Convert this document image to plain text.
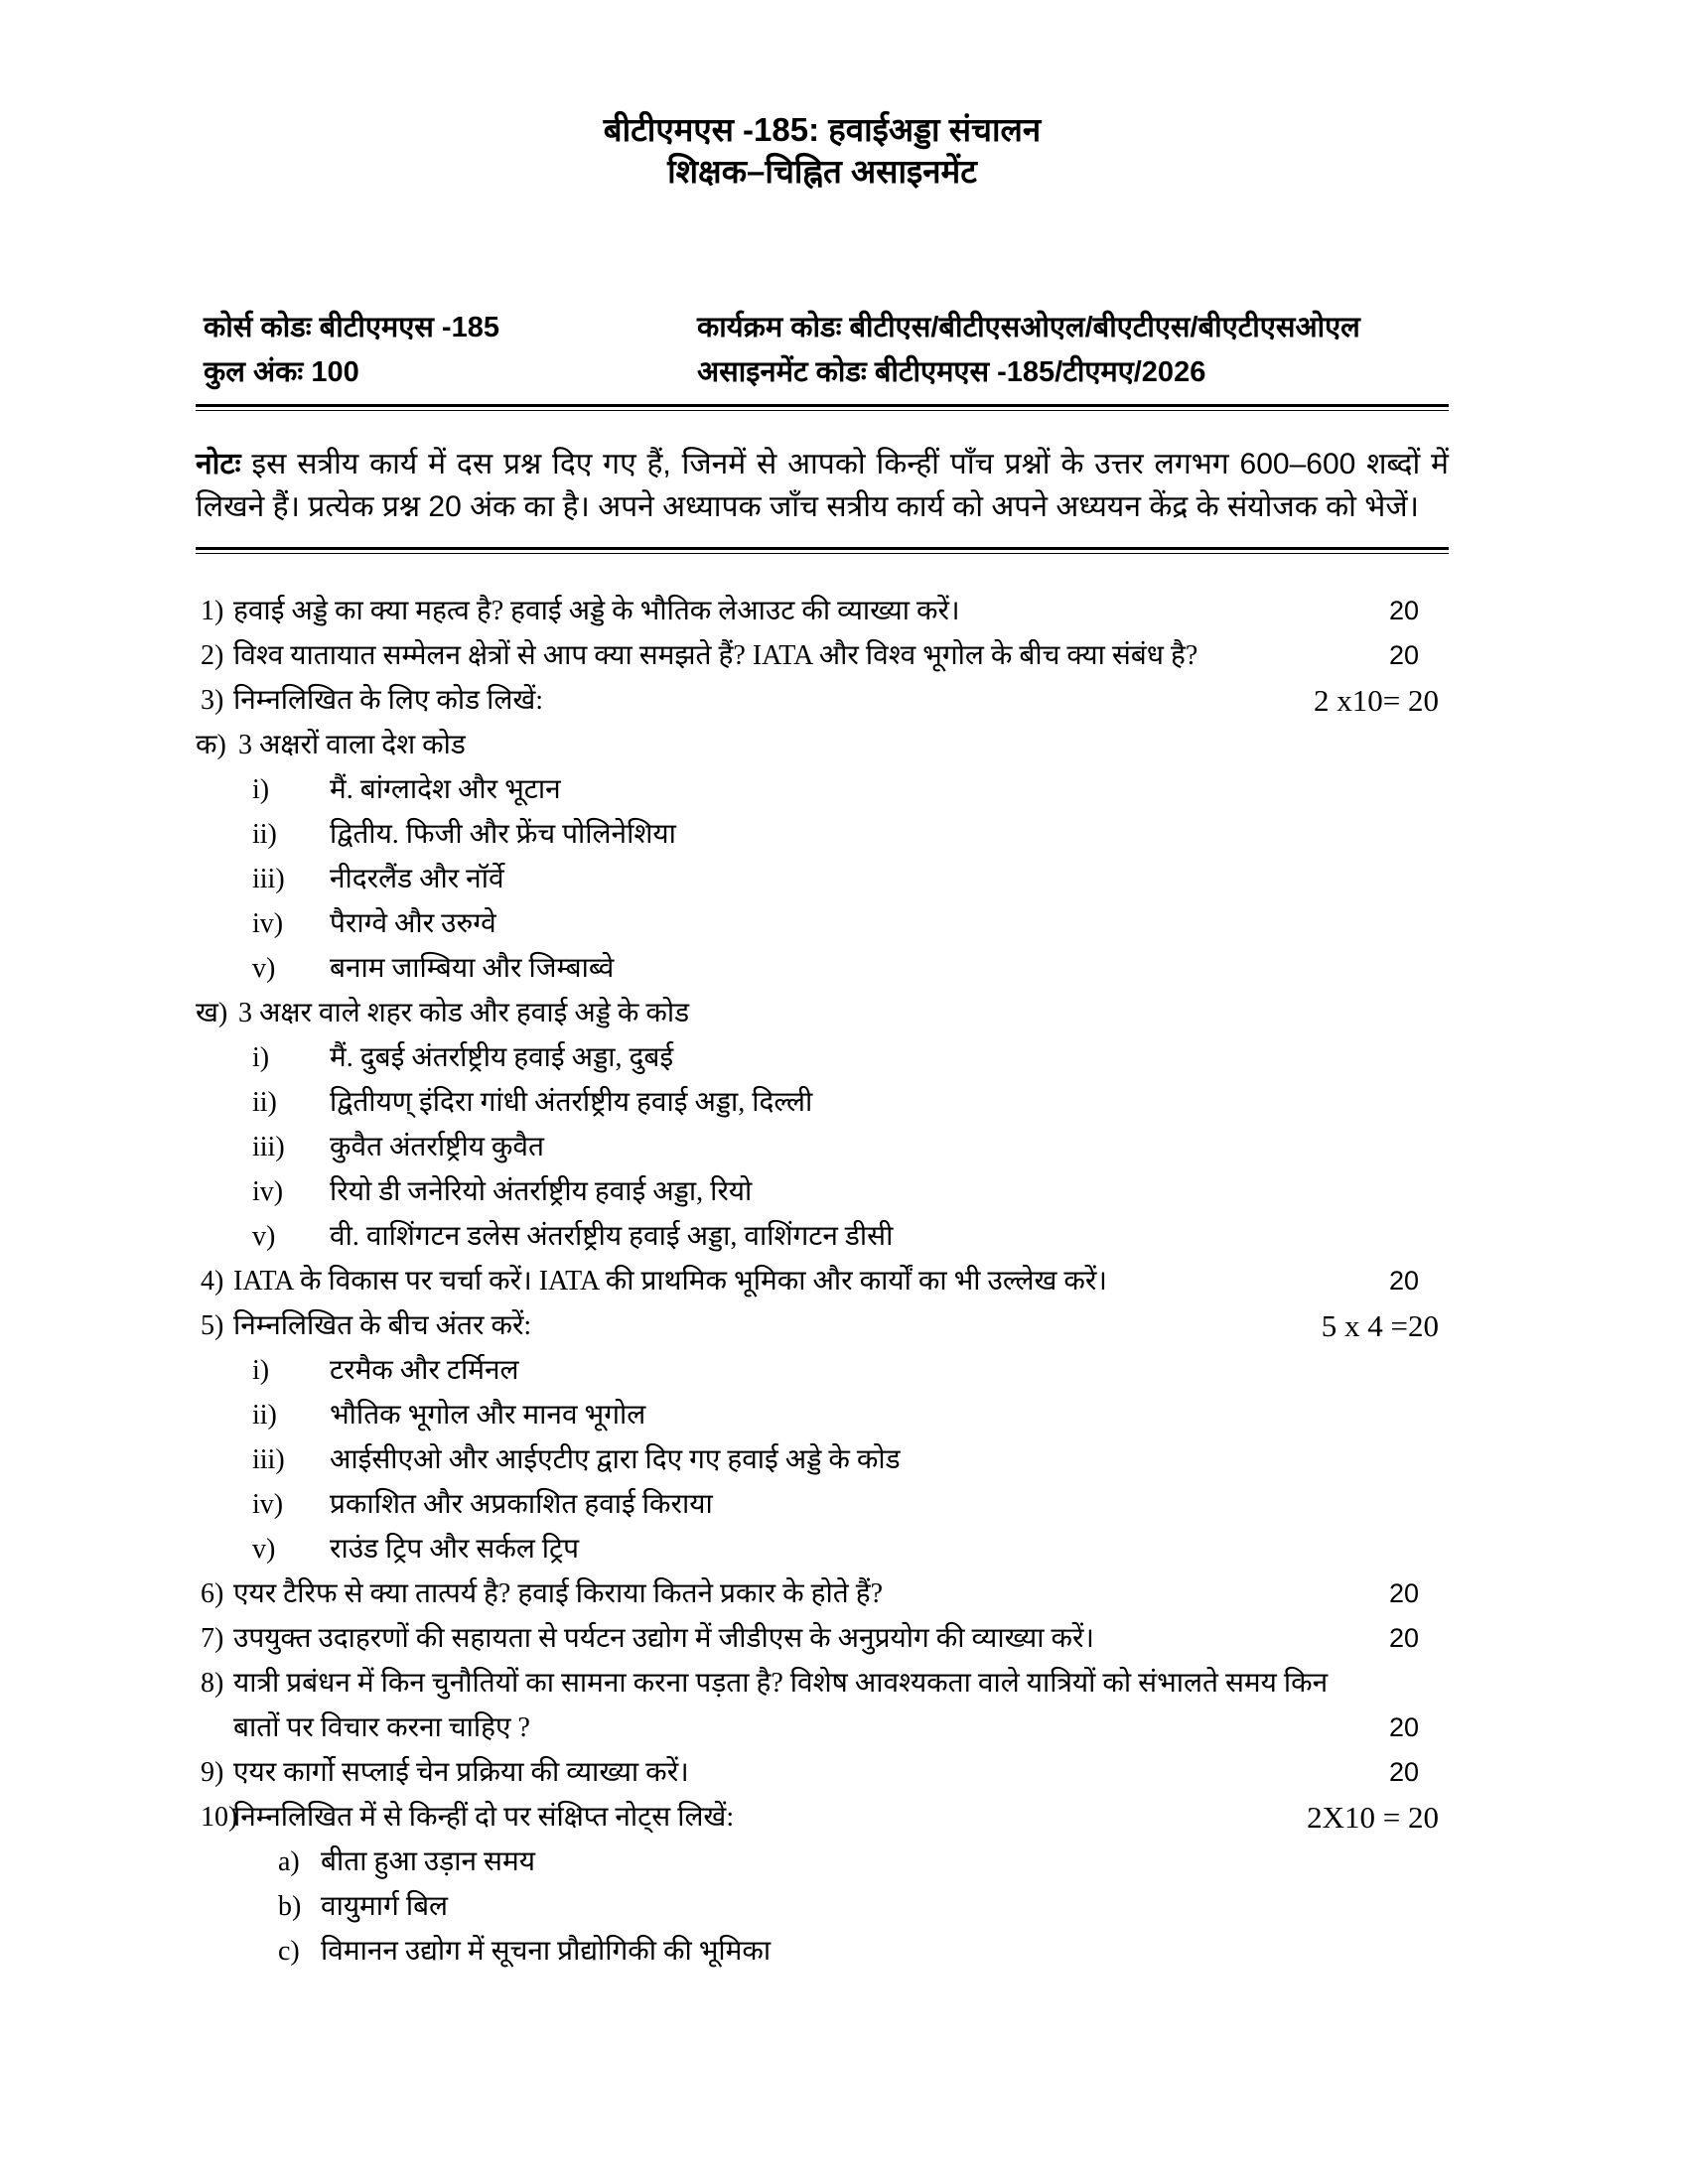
बीटीएमएस -185: हवाईअड्डा संचालन
शिक्षक–चिह्नित असाइनमेंट
कोर्स कोडः बीटीएमएस -185	कार्यक्रम कोडः बीटीएस/बीटीएसओएल/बीएटीएस/बीएटीएसओएल
कुल अंकः 100	असाइनमेंट कोडः बीटीएमएस -185/टीएमए/2026

नोटः इस सत्रीय कार्य में दस प्रश्न दिए गए हैं, जिनमें से आपको किन्हीं पाँच प्रश्नों के उत्तर लगभग 600–600 शब्दों में लिखने हैं। प्रत्येक प्रश्न 20 अंक का है। अपने अध्यापक जाँच सत्रीय कार्य को अपने अध्ययन केंद्र के संयोजक को भेजें।

1) हवाई अड्डे का क्या महत्व है? हवाई अड्डे के भौतिक लेआउट की व्याख्या करें।	20
2) विश्व यातायात सम्मेलन क्षेत्रों से आप क्या समझते हैं? IATA और विश्व भूगोल के बीच क्या संबंध है?	20
3) निम्नलिखित के लिए कोड लिखें:	2 x10= 20
क) 3 अक्षरों वाला देश कोड
i) मैं. बांग्लादेश और भूटान
ii) द्वितीय. फिजी और फ्रेंच पोलिनेशिया
iii) नीदरलैंड और नॉर्वे
iv) पैराग्वे और उरुग्वे
v) बनाम जाम्बिया और जिम्बाब्वे
ख) 3 अक्षर वाले शहर कोड और हवाई अड्डे के कोड
i) मैं. दुबई अंतर्राष्ट्रीय हवाई अड्डा, दुबई
ii) द्वितीयण् इंदिरा गांधी अंतर्राष्ट्रीय हवाई अड्डा, दिल्ली
iii) कुवैत अंतर्राष्ट्रीय कुवैत
iv) रियो डी जनेरियो अंतर्राष्ट्रीय हवाई अड्डा, रियो
v) वी. वाशिंगटन डलेस अंतर्राष्ट्रीय हवाई अड्डा, वाशिंगटन डीसी
4) IATA के विकास पर चर्चा करें। IATA की प्राथमिक भूमिका और कार्यों का भी उल्लेख करें।	20
5) निम्नलिखित के बीच अंतर करें:	5 x 4 =20
i) टरमैक और टर्मिनल
ii) भौतिक भूगोल और मानव भूगोल
iii) आईसीएओ और आईएटीए द्वारा दिए गए हवाई अड्डे के कोड
iv) प्रकाशित और अप्रकाशित हवाई किराया
v) राउंड ट्रिप और सर्कल ट्रिप
6) एयर टैरिफ से क्या तात्पर्य है? हवाई किराया कितने प्रकार के होते हैं?	20
7) उपयुक्त उदाहरणों की सहायता से पर्यटन उद्योग में जीडीएस के अनुप्रयोग की व्याख्या करें।	20
8) यात्री प्रबंधन में किन चुनौतियों का सामना करना पड़ता है? विशेष आवश्यकता वाले यात्रियों को संभालते समय किन
बातों पर विचार करना चाहिए ?	20
9) एयर कार्गो सप्लाई चेन प्रक्रिया की व्याख्या करें।	20
10)
निम्नलिखित में से किन्हीं दो पर संक्षिप्त नोट्स लिखें:	2X10 = 20
a) बीता हुआ उड़ान समय
b) वायुमार्ग बिल
c) विमानन उद्योग में सूचना प्रौद्योगिकी की भूमिका
